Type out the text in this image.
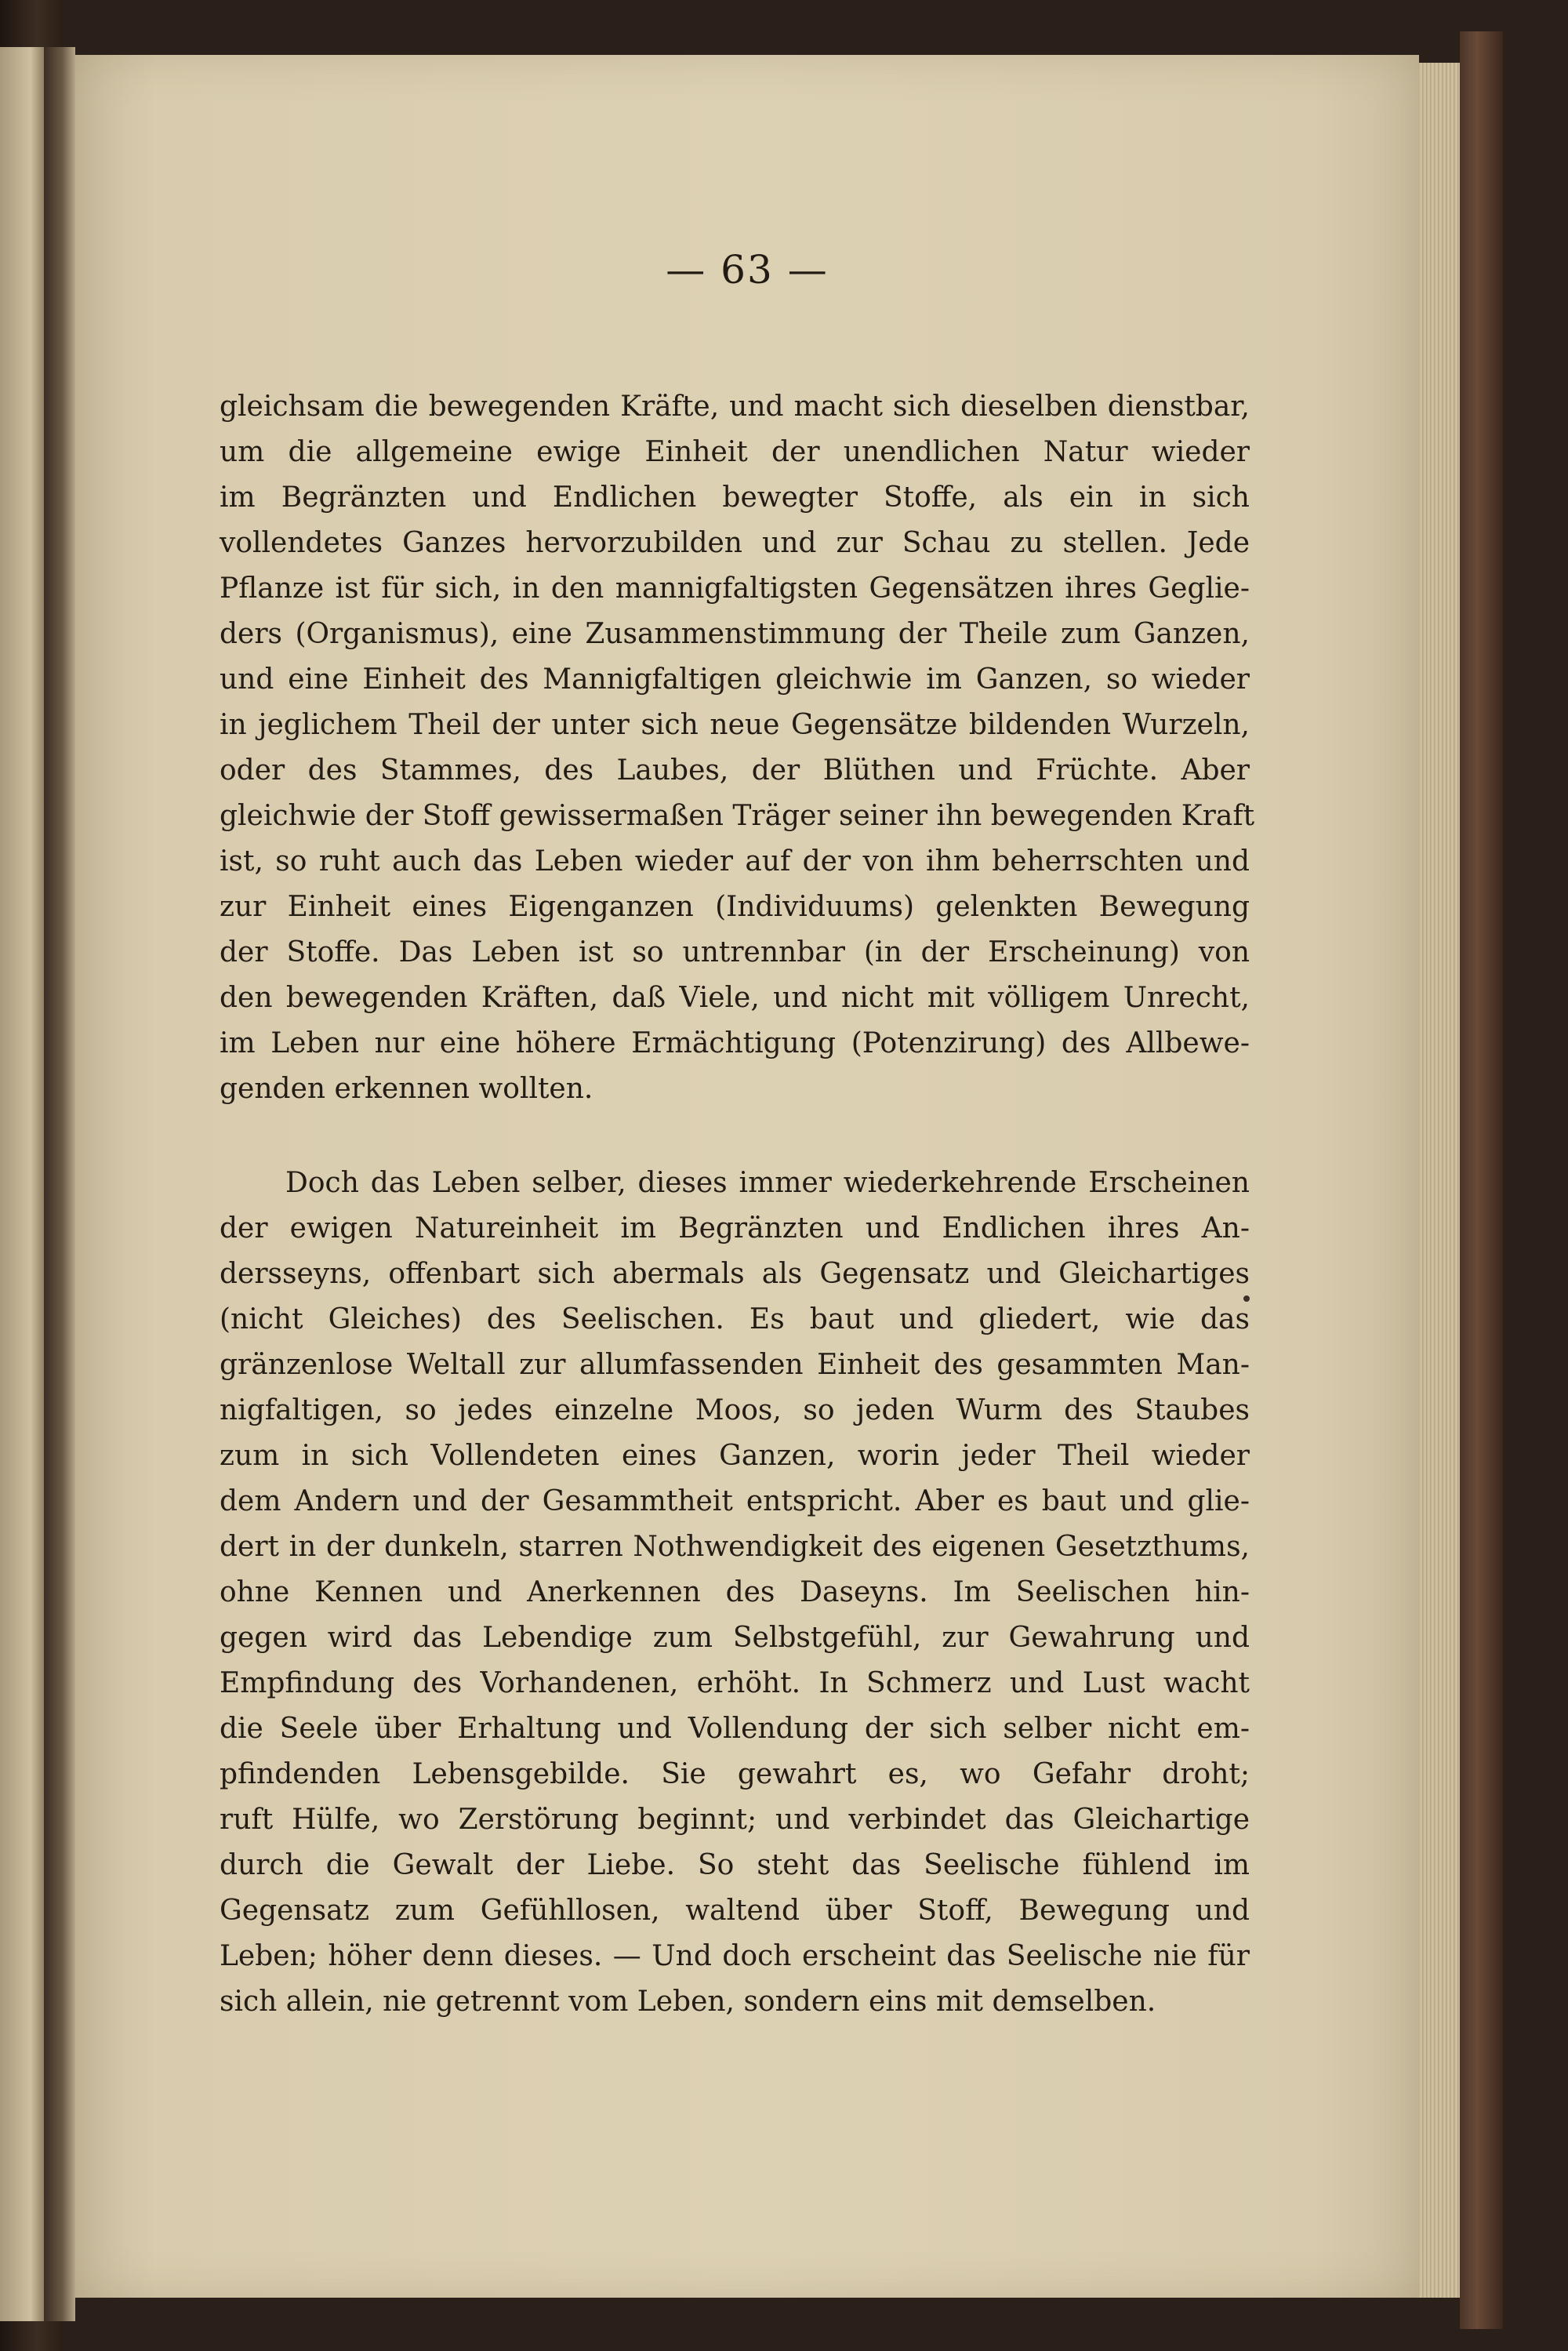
— 63 —
gleichsam die bewegenden Kräfte, und macht sich dieselben dienstbar,
um die allgemeine ewige Einheit der unendlichen Natur wieder
im Begränzten und Endlichen bewegter Stoffe, als ein in sich
vollendetes Ganzes hervorzubilden und zur Schau zu stellen. Jede
Pflanze ist für sich, in den mannigfaltigsten Gegensätzen ihres Geglie-
ders (Organismus), eine Zusammenstimmung der Theile zum Ganzen,
und eine Einheit des Mannigfaltigen gleichwie im Ganzen, so wieder
in jeglichem Theil der unter sich neue Gegensätze bildenden Wurzeln,
oder des Stammes, des Laubes, der Blüthen und Früchte. Aber
gleichwie der Stoff gewissermaßen Träger seiner ihn bewegenden Kraft
ist, so ruht auch das Leben wieder auf der von ihm beherrschten und
zur Einheit eines Eigenganzen (Individuums) gelenkten Bewegung
der Stoffe. Das Leben ist so untrennbar (in der Erscheinung) von
den bewegenden Kräften, daß Viele, und nicht mit völligem Unrecht,
im Leben nur eine höhere Ermächtigung (Potenzirung) des Allbewe-
genden erkennen wollten.
Doch das Leben selber, dieses immer wiederkehrende Erscheinen
der ewigen Natureinheit im Begränzten und Endlichen ihres An-
dersseyns, offenbart sich abermals als Gegensatz und Gleichartiges
(nicht Gleiches) des Seelischen. Es baut und gliedert, wie das
gränzenlose Weltall zur allumfassenden Einheit des gesammten Man-
nigfaltigen, so jedes einzelne Moos, so jeden Wurm des Staubes
zum in sich Vollendeten eines Ganzen, worin jeder Theil wieder
dem Andern und der Gesammtheit entspricht. Aber es baut und glie-
dert in der dunkeln, starren Nothwendigkeit des eigenen Gesetzthums,
ohne Kennen und Anerkennen des Daseyns. Im Seelischen hin-
gegen wird das Lebendige zum Selbstgefühl, zur Gewahrung und
Empfindung des Vorhandenen, erhöht. In Schmerz und Lust wacht
die Seele über Erhaltung und Vollendung der sich selber nicht em-
pfindenden Lebensgebilde. Sie gewahrt es, wo Gefahr droht;
ruft Hülfe, wo Zerstörung beginnt; und verbindet das Gleichartige
durch die Gewalt der Liebe. So steht das Seelische fühlend im
Gegensatz zum Gefühllosen, waltend über Stoff, Bewegung und
Leben; höher denn dieses. — Und doch erscheint das Seelische nie für
sich allein, nie getrennt vom Leben, sondern eins mit demselben.
